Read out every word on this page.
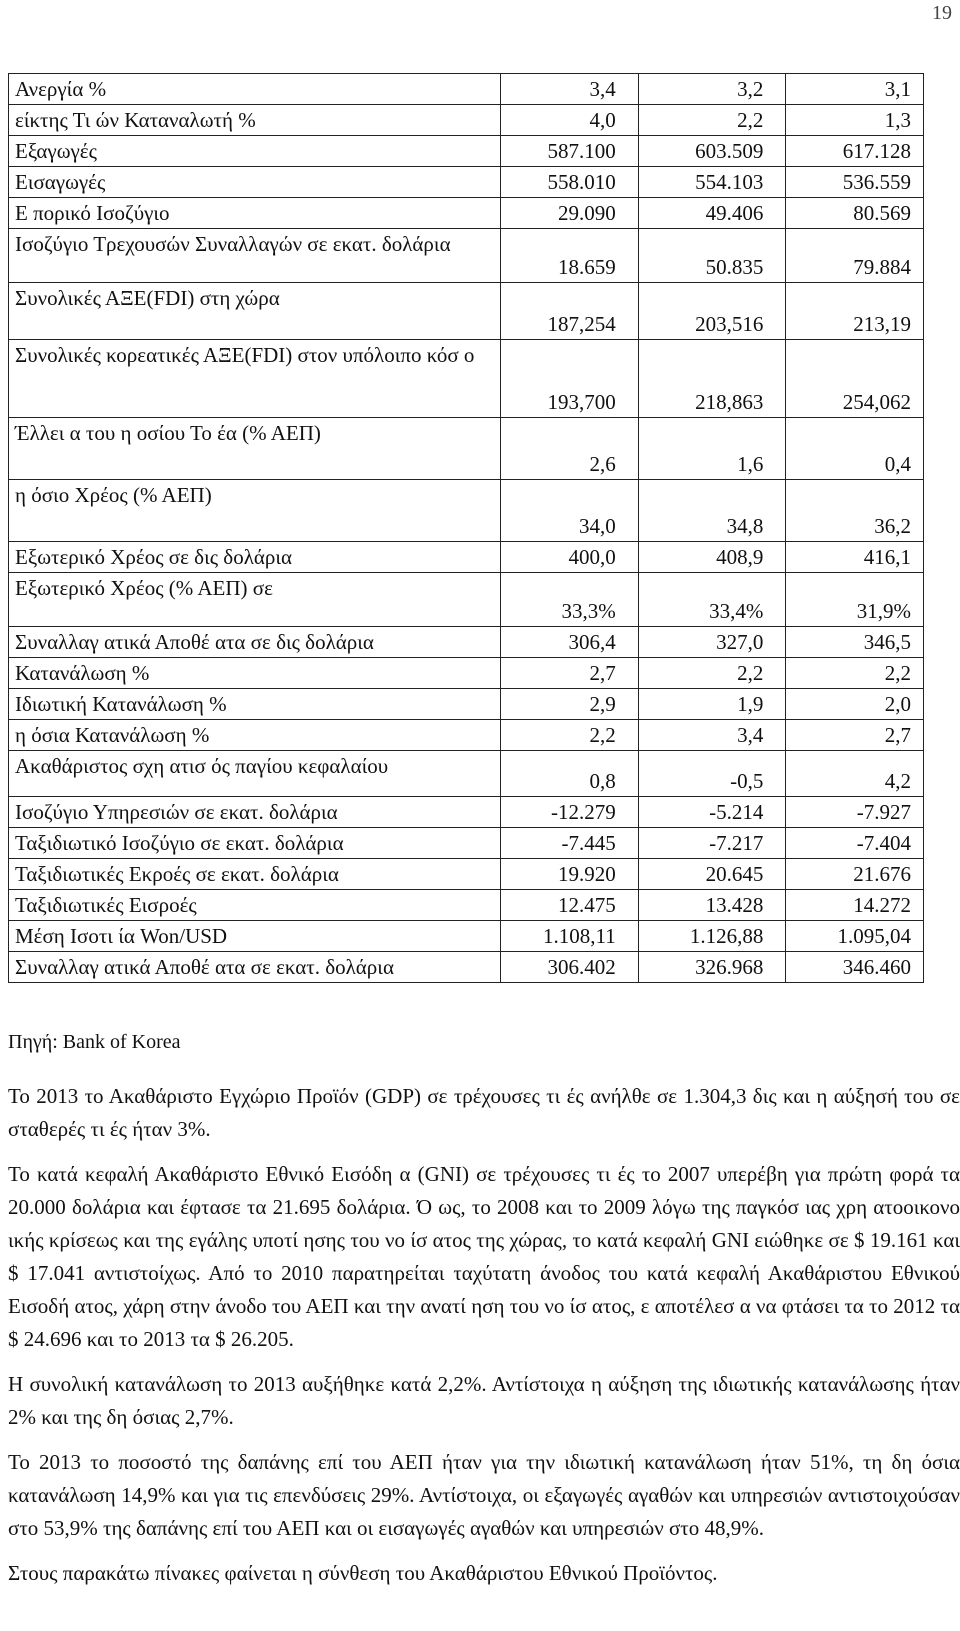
19
Ανεργία %	3,4	3,2	3,1
είκτης Τι ών Καταναλωτή %	4,0	2,2	1,3
Εξαγωγές	587.100	603.509	617.128
Εισαγωγές	558.010	554.103	536.559
Ε πορικό Ισοζύγιο	29.090	49.406	80.569
Ισοζύγιο Τρεχουσών Συναλλαγών σε εκατ. δολάρια	18.659	50.835	79.884
Συνολικές ΑΞΕ(FDI) στη χώρα	187,254	203,516	213,19
Συνολικές κορεατικές ΑΞΕ(FDI) στον υπόλοιπο κόσ ο	193,700	218,863	254,062
Έλλει α του η οσίου Το έα (% ΑΕΠ)	2,6	1,6	0,4
η όσιο Χρέος (% ΑΕΠ)	34,0	34,8	36,2
Εξωτερικό Χρέος σε δις δολάρια	400,0	408,9	416,1
Εξωτερικό Χρέος (% ΑΕΠ) σε	33,3%	33,4%	31,9%
Συναλλαγ ατικά Αποθέ ατα σε δις δολάρια	306,4	327,0	346,5
Κατανάλωση %	2,7	2,2	2,2
Ιδιωτική Κατανάλωση %	2,9	1,9	2,0
η όσια Κατανάλωση %	2,2	3,4	2,7
Ακαθάριστος σχη ατισ ός παγίου κεφαλαίου	0,8	-0,5	4,2
Ισοζύγιο Υπηρεσιών σε εκατ. δολάρια	-12.279	-5.214	-7.927
Ταξιδιωτικό Ισοζύγιο σε εκατ. δολάρια	-7.445	-7.217	-7.404
Ταξιδιωτικές Εκροές σε εκατ. δολάρια	19.920	20.645	21.676
Ταξιδιωτικές Εισροές	12.475	13.428	14.272
Μέση Ισοτι ία Won/USD	1.108,11	1.126,88	1.095,04
Συναλλαγ ατικά Αποθέ ατα σε εκατ. δολάρια	306.402	326.968	346.460
Πηγή: Bank of Korea

Το 2013 το Ακαθάριστο Εγχώριο Προϊόν (GDP) σε τρέχουσες τι ές ανήλθε σε 1.304,3 δις και η αύξησή του σε σταθερές τι ές ήταν 3%.

Το κατά κεφαλή Ακαθάριστο Εθνικό Εισόδη α (GNI) σε τρέχουσες τι ές το 2007 υπερέβη για πρώτη φορά τα 20.000 δολάρια και έφτασε τα 21.695 δολάρια. Ό ως, το 2008 και το 2009 λόγω της παγκόσ ιας χρη ατοοικονο ικής κρίσεως και της εγάλης υποτί ησης του νο ίσ ατος της χώρας, το κατά κεφαλή GNI ειώθηκε σε $ 19.161 και $ 17.041 αντιστοίχως. Από το 2010 παρατηρείται ταχύτατη άνοδος του κατά κεφαλή Ακαθάριστου Εθνικού Εισοδή ατος, χάρη στην άνοδο του ΑΕΠ και την ανατί ηση του νο ίσ ατος, ε αποτέλεσ α να φτάσει τα το 2012 τα $ 24.696 και το 2013 τα $ 26.205.

Η συνολική κατανάλωση το 2013 αυξήθηκε κατά 2,2%. Αντίστοιχα η αύξηση της ιδιωτικής κατανάλωσης ήταν 2% και της δη όσιας 2,7%.

Το 2013 το ποσοστό της δαπάνης επί του ΑΕΠ ήταν για την ιδιωτική κατανάλωση ήταν 51%, τη δη όσια κατανάλωση 14,9% και για τις επενδύσεις 29%. Αντίστοιχα, οι εξαγωγές αγαθών και υπηρεσιών αντιστοιχούσαν στο 53,9% της δαπάνης επί του ΑΕΠ και οι εισαγωγές αγαθών και υπηρεσιών στο 48,9%.

Στους παρακάτω πίνακες φαίνεται η σύνθεση του Ακαθάριστου Εθνικού Προϊόντος.
